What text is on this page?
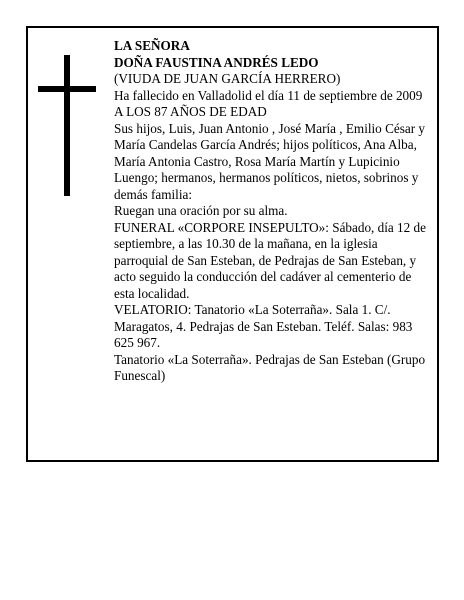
LA SEÑORA

DOÑA FAUSTINA ANDRÉS LEDO

(VIUDA DE JUAN GARCÍA HERRERO)

Ha fallecido en Valladolid el día 11 de septiembre de 2009

A LOS 87 AÑOS DE EDAD

Sus hijos, Luis, Juan Antonio , José María , Emilio César y María Candelas García Andrés; hijos políticos, Ana Alba, María Antonia Castro, Rosa María Martín y Lupicinio Luengo; hermanos, hermanos políticos, nietos, sobrinos y demás familia:

Ruegan una oración por su alma.

FUNERAL «CORPORE INSEPULTO»: Sábado, día 12 de septiembre, a las 10.30 de la mañana, en la iglesia parroquial de San Esteban, de Pedrajas de San Esteban, y acto seguido la conducción del cadáver al cementerio de esta localidad.

VELATORIO: Tanatorio «La Soterraña». Sala 1. C/. Maragatos, 4. Pedrajas de San Esteban. Teléf. Salas: 983 625 967.

Tanatorio «La Soterraña». Pedrajas de San Esteban (Grupo Funescal)
